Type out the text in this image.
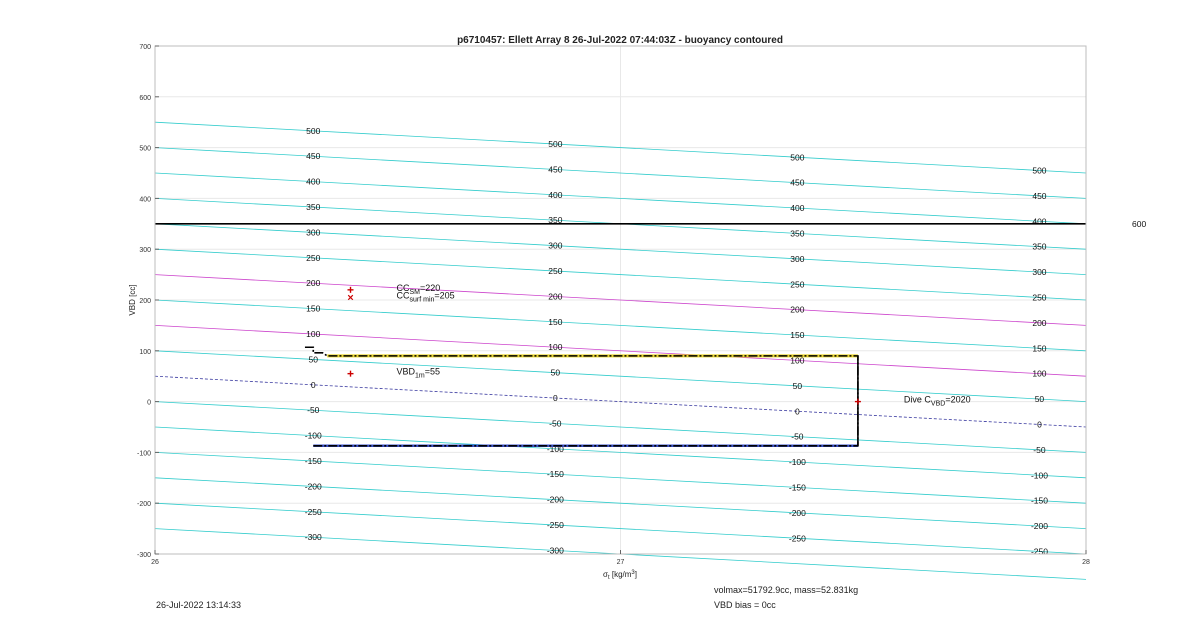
-300
-250
-200
-150
-100
-50
0
50
100
150
200
250
300
350
400
450
500
-300
-250
-200
-150
-100
-50
0
50
100
150
200
250
300
350
400
450
500
-250
-200
-150
-100
-50
0
50
100
150
200
250
300
350
400
450
500
-250
-200
-150
-100
-50
0
50
100
150
200
250
300
350
400
450
500
600
$CC_{SM}=220$
$CC_{surf min}=205$
$VBD_{1m}=55$
Dive $C_{VBD}=2020$
-300
-200
-100
0
100
200
300
400
500
600
700
26	27	28
p6710457: Ellett Array 8 26-Jul-2022 07:44:03Z - buoyancy contoured
VBD [cc]
$\sigma_t$ $[kg/m^3]$
26-Jul-2022 13:14:33
volmax=51792.9cc, mass=52.831kg
VBD bias = 0cc
